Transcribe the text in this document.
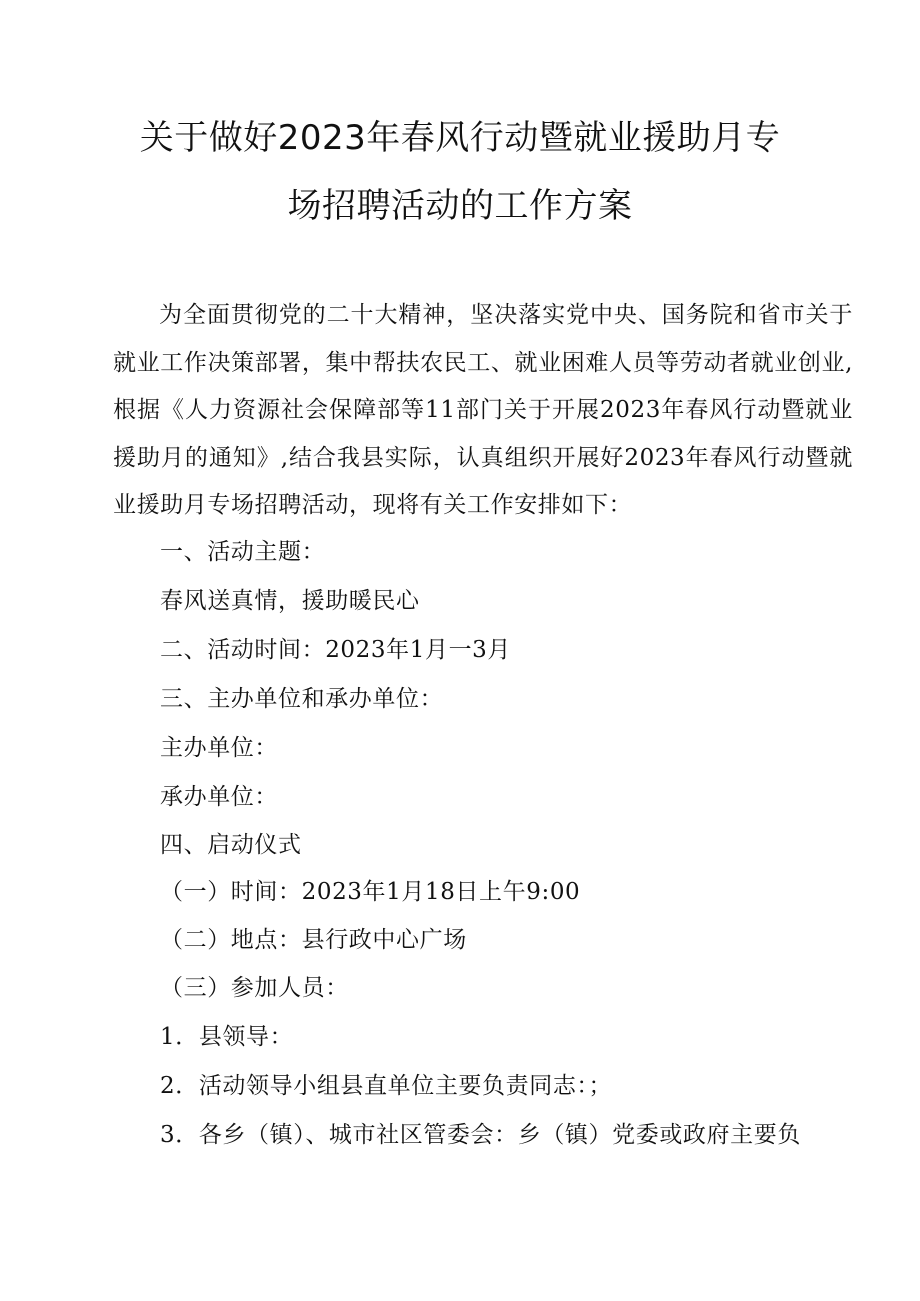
关于做好2023年春风行动暨就业援助月专
场招聘活动的工作方案

为全面贯彻党的二十大精神，坚决落实党中央、国务院和省市关于就业工作决策部署，集中帮扶农民工、就业困难人员等劳动者就业创业,根据《人力资源社会保障部等11部门关于开展2023年春风行动暨就业援助月的通知》,结合我县实际，认真组织开展好2023年春风行动暨就业援助月专场招聘活动，现将有关工作安排如下：

一、活动主题：

春风送真情，援助暖民心

二、活动时间：2023年1月一3月

三、主办单位和承办单位：

主办单位：

承办单位：

四、启动仪式

（一）时间：2023年1月18日上午9:00

（二）地点：县行政中心广场

（三）参加人员：

1．县领导：

2．活动领导小组县直单位主要负责同志：；

3．各乡（镇）、城市社区管委会：乡（镇）党委或政府主要负
